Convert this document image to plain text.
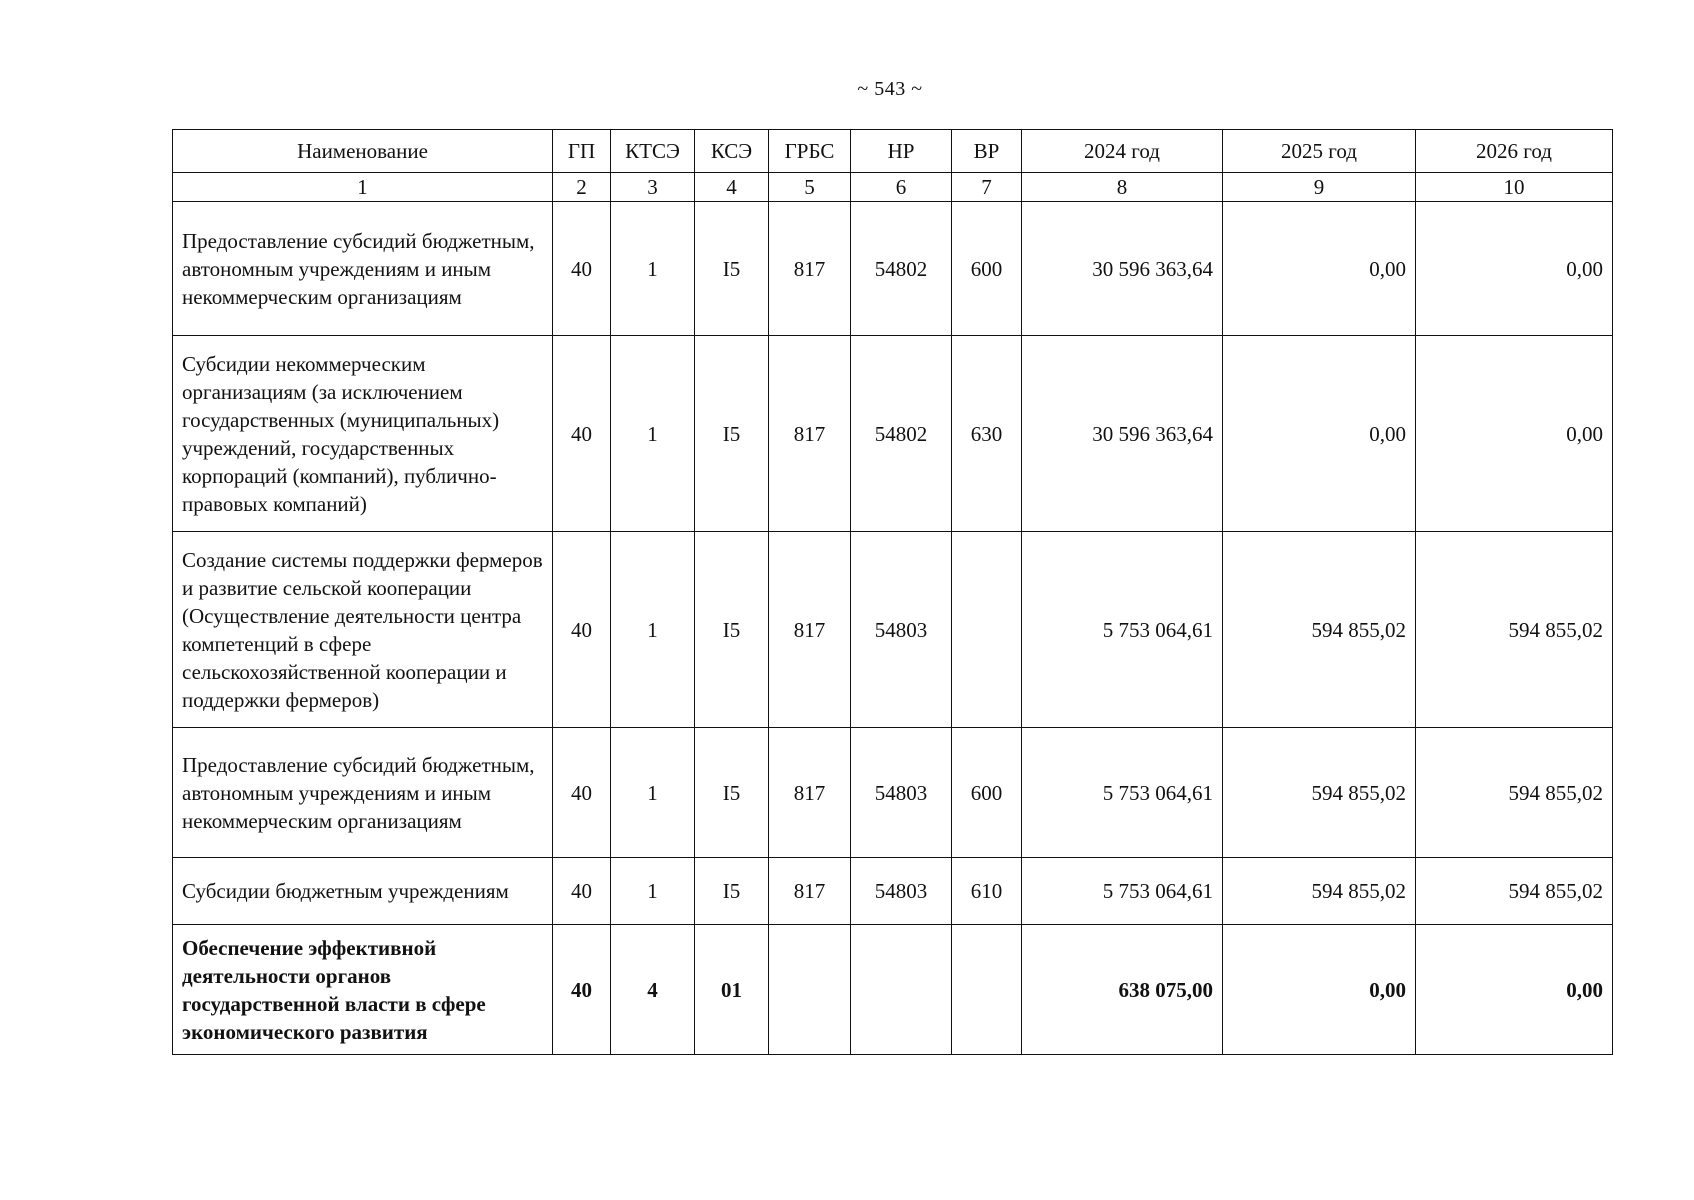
~ 543 ~
Наименование	ГП	КТСЭ	КСЭ	ГРБС	НР	ВР	2024 год	2025 год	2026 год
1	2	3	4	5	6	7	8	9	10
Предоставление субсидий бюджетным, автономным учреждениям и иным некоммерческим организациям	40	1	I5	817	54802	600	30 596 363,64	0,00	0,00
Субсидии некоммерческим организациям (за исключением государственных (муниципальных) учреждений, государственных корпораций (компаний), публично-правовых компаний)	40	1	I5	817	54802	630	30 596 363,64	0,00	0,00
Создание системы поддержки фермеров и развитие сельской кооперации (Осуществление деятельности центра компетенций в сфере сельскохозяйственной кооперации и поддержки фермеров)	40	1	I5	817	54803		5 753 064,61	594 855,02	594 855,02
Предоставление субсидий бюджетным, автономным учреждениям и иным некоммерческим организациям	40	1	I5	817	54803	600	5 753 064,61	594 855,02	594 855,02
Субсидии бюджетным учреждениям	40	1	I5	817	54803	610	5 753 064,61	594 855,02	594 855,02
Обеспечение эффективной деятельности органов государственной власти в сфере экономического развития	40	4	01				638 075,00	0,00	0,00
